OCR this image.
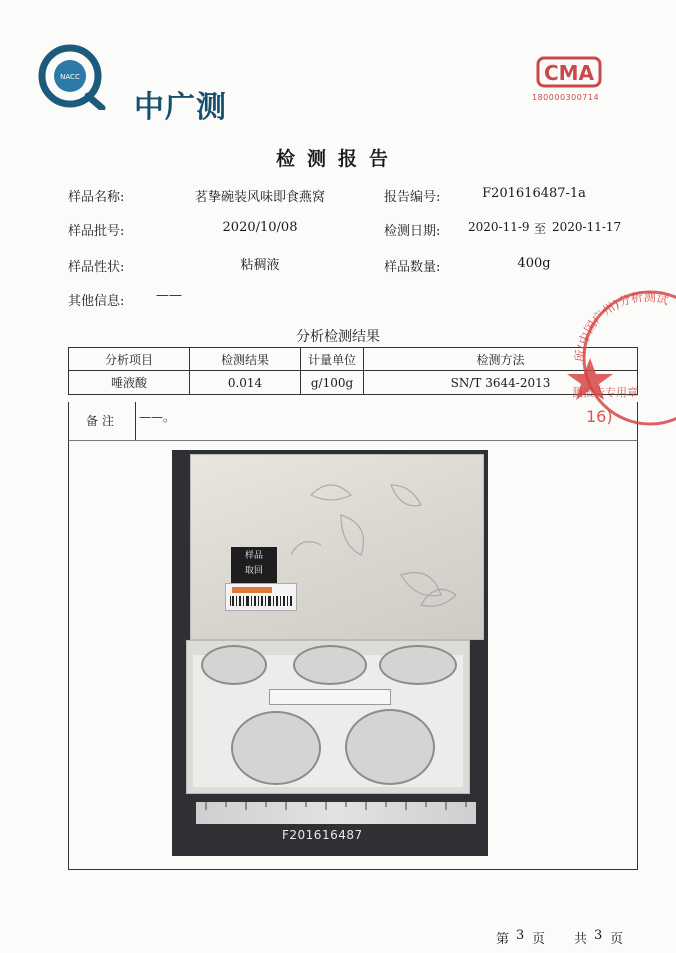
NACC
中广测
CMA
180000300714
检测报告
样品名称:	茗挚碗装风味即食燕窝	报告编号:	F201616487-1a
样品批号:	2020/10/08	检测日期: 2020-11-9 至 2020-11-17
样品性状:	粘稠液	样品数量:	400g
其他信息: ——
分析检测结果
分析项目	检测结果	计量单位	检测方法
唾液酸	0.014	g/100g	SN/T 3644-2013
备注	——。
样品
取回
F201616487
所(中国广州)分析测试
测报告专用章
16)
第 3 页 共 3 页
